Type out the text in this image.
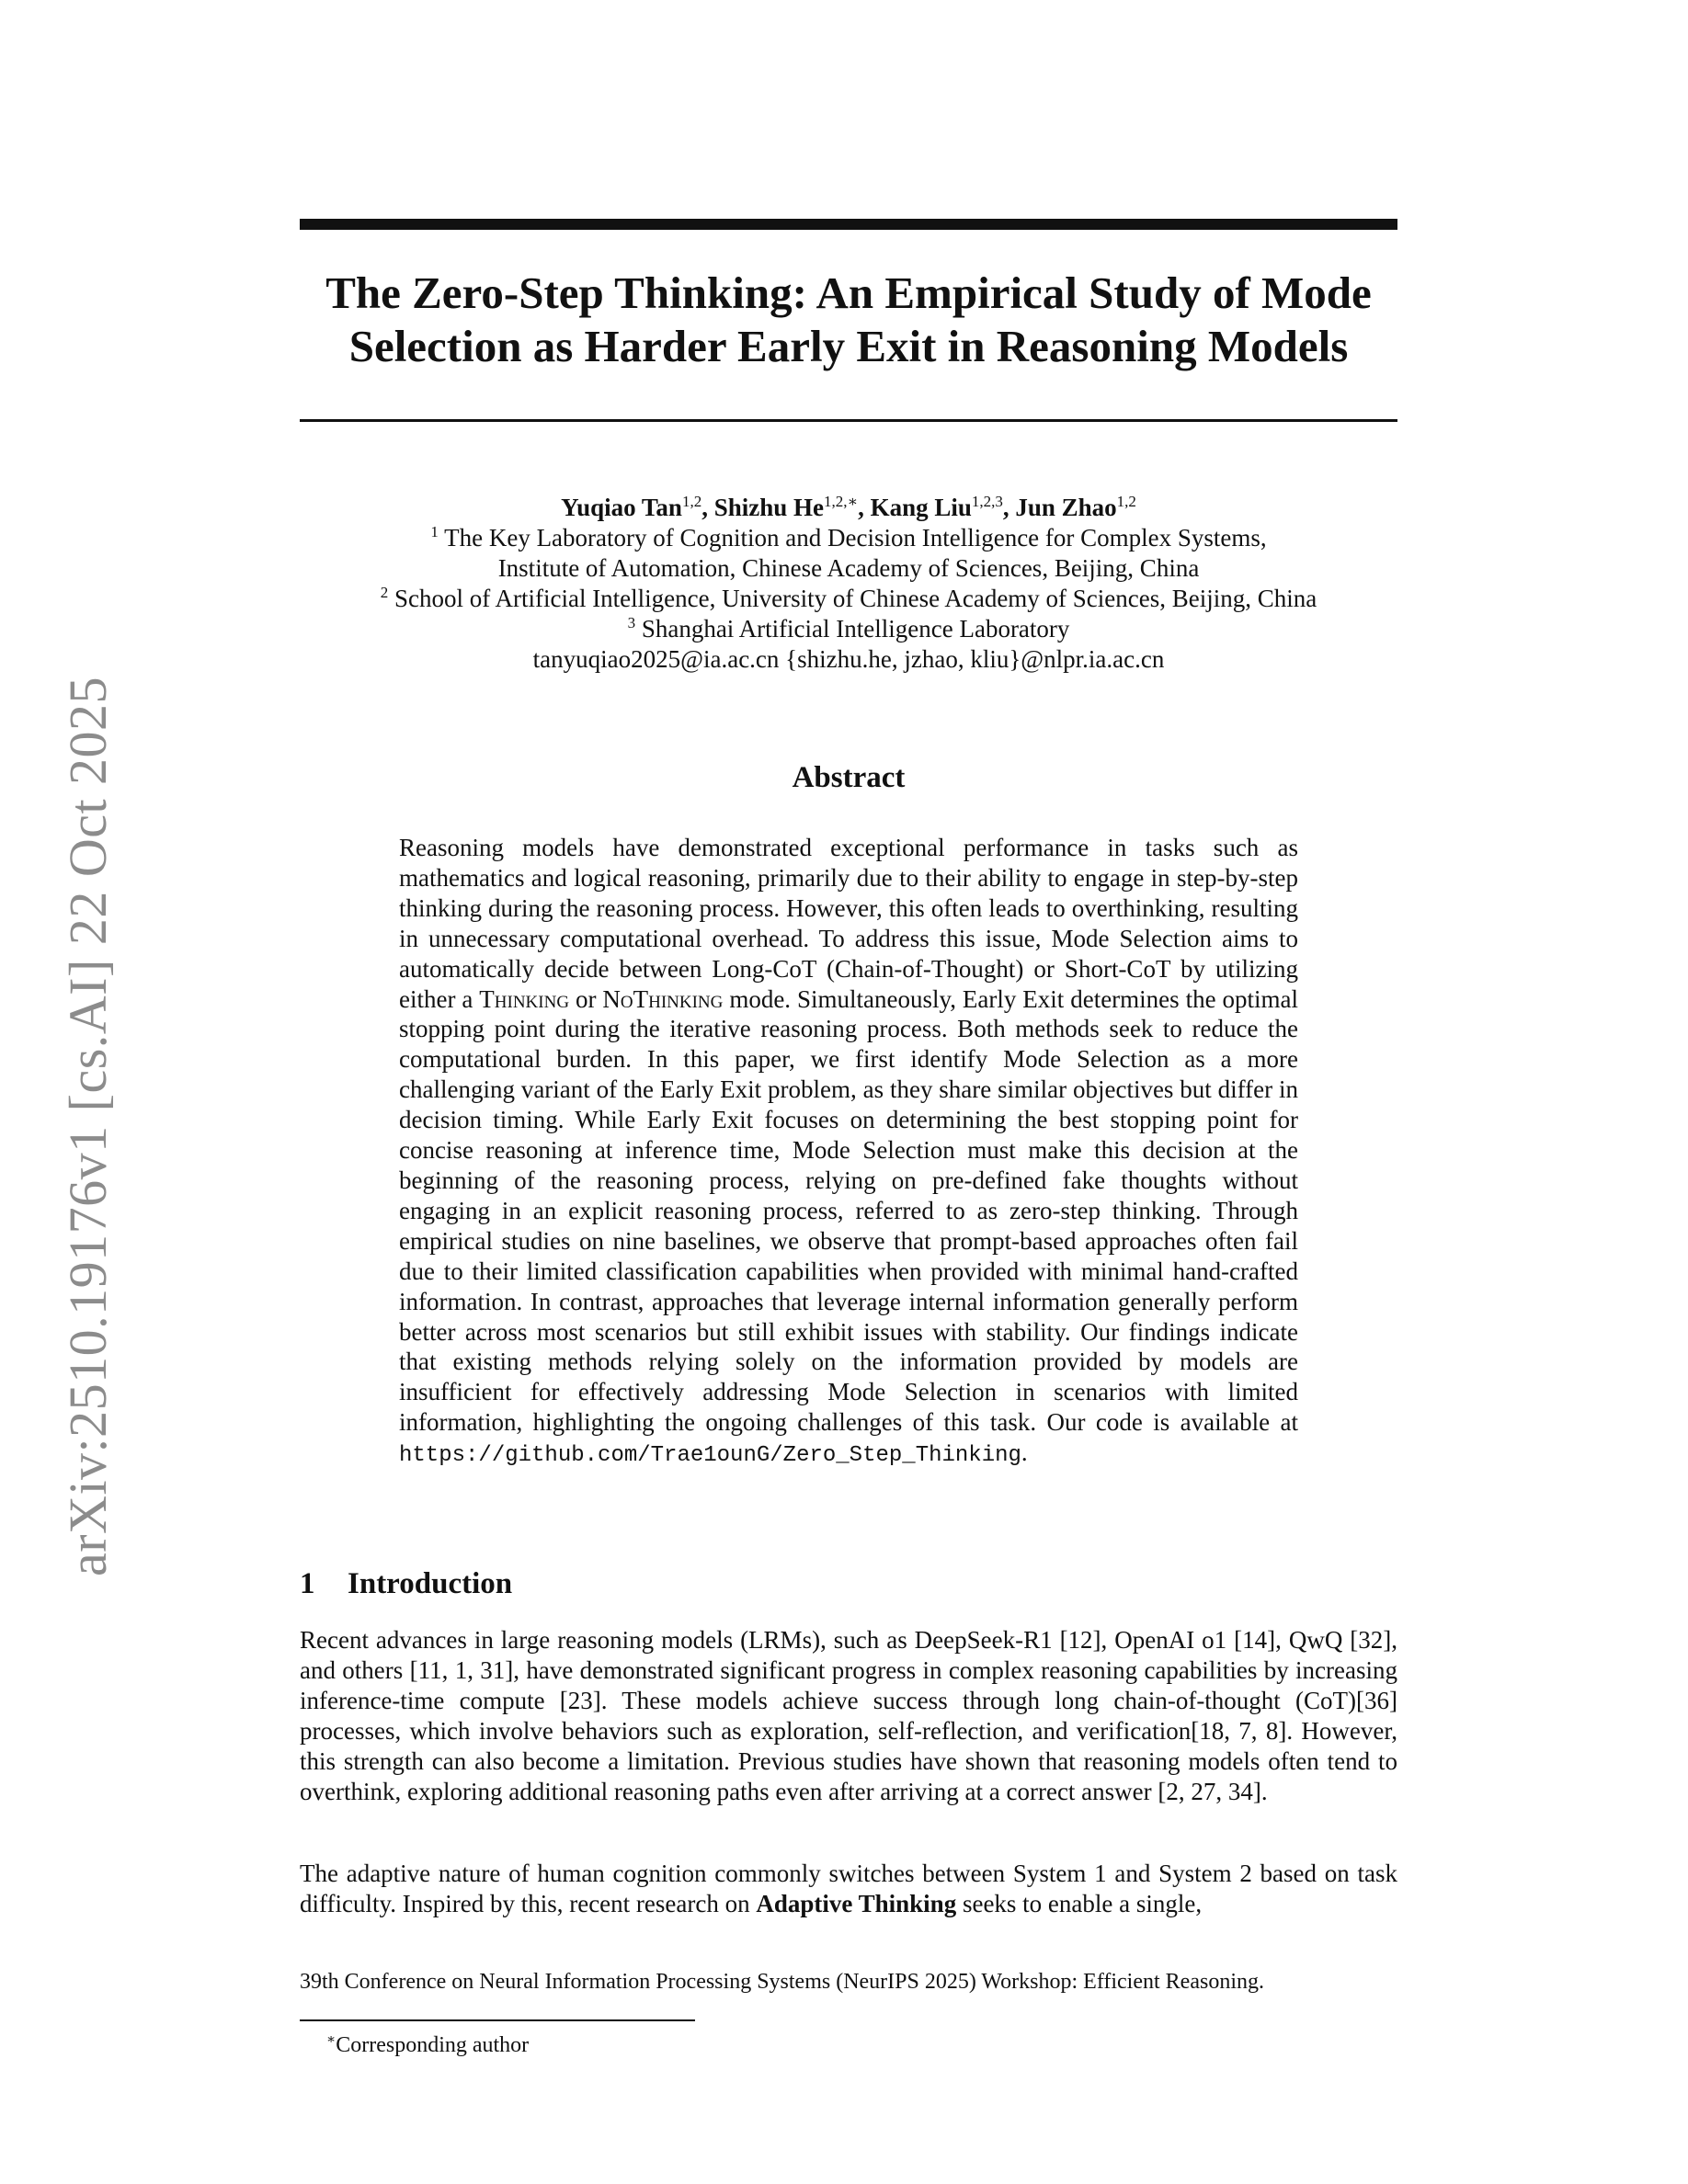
arXiv:2510.19176v1 [cs.AI] 22 Oct 2025
The Zero-Step Thinking: An Empirical Study of Mode Selection as Harder Early Exit in Reasoning Models
Yuqiao Tan$^{1,2}$, Shizhu $He^{1,2,∗}$, Kang Liu$^{1,2,3}$, Jun Zhao$^{1,2}$
$^1$ The Key Laboratory of Cognition and Decision Intelligence for Complex Systems,
Institute of Automation, Chinese Academy of Sciences, Beijing, China
$^2$ School of Artificial Intelligence, University of Chinese Academy of Sciences, Beijing, China
$^3$ Shanghai Artificial Intelligence Laboratory
tanyuqiao2025@ia.ac.cn {shizhu.he, jzhao, kliu}@nlpr.ia.ac.cn
Abstract

Reasoning models have demonstrated exceptional performance in tasks such as mathematics and logical reasoning, primarily due to their ability to engage in step-by-step thinking during the reasoning process. However, this often leads to overthinking, resulting in unnecessary computational overhead. To address this issue, Mode Selection aims to automatically decide between Long-CoT (Chain-of-Thought) or Short-CoT by utilizing either a Thinking or NoThinking mode. Simultaneously, Early Exit determines the optimal stopping point during the iterative reasoning process. Both methods seek to reduce the computational burden. In this paper, we first identify Mode Selection as a more challenging variant of the Early Exit problem, as they share similar objectives but differ in decision timing. While Early Exit focuses on determining the best stopping point for concise reasoning at inference time, Mode Selection must make this decision at the beginning of the reasoning process, relying on pre-defined fake thoughts without engaging in an explicit reasoning process, referred to as zero-step thinking. Through empirical studies on nine baselines, we observe that prompt-based approaches often fail due to their limited classification capabilities when provided with minimal hand-crafted information. In contrast, approaches that leverage internal information generally perform better across most scenarios but still exhibit issues with stability. Our findings indicate that existing methods relying solely on the information provided by models are insufficient for effectively addressing Mode Selection in scenarios with limited information, highlighting the ongoing challenges of this task. Our code is available at https://github.com/Trae1ounG/Zero_Step_Thinking.

1 Introduction

Recent advances in large reasoning models (LRMs), such as DeepSeek-R1 [12], OpenAI o1 [14], QwQ [32], and others [11, 1, 31], have demonstrated significant progress in complex reasoning capabilities by increasing inference-time compute [23]. These models achieve success through long chain-of-thought (CoT)[36] processes, which involve behaviors such as exploration, self-reflection, and verification[18, 7, 8]. However, this strength can also become a limitation. Previous studies have shown that reasoning models often tend to overthink, exploring additional reasoning paths even after arriving at a correct answer [2, 27, 34].

The adaptive nature of human cognition commonly switches between System 1 and System 2 based on task difficulty. Inspired by this, recent research on Adaptive Thinking seeks to enable a single,

39th Conference on Neural Information Processing Systems (NeurIPS 2025) Workshop: Efficient Reasoning.

∗Corresponding author
